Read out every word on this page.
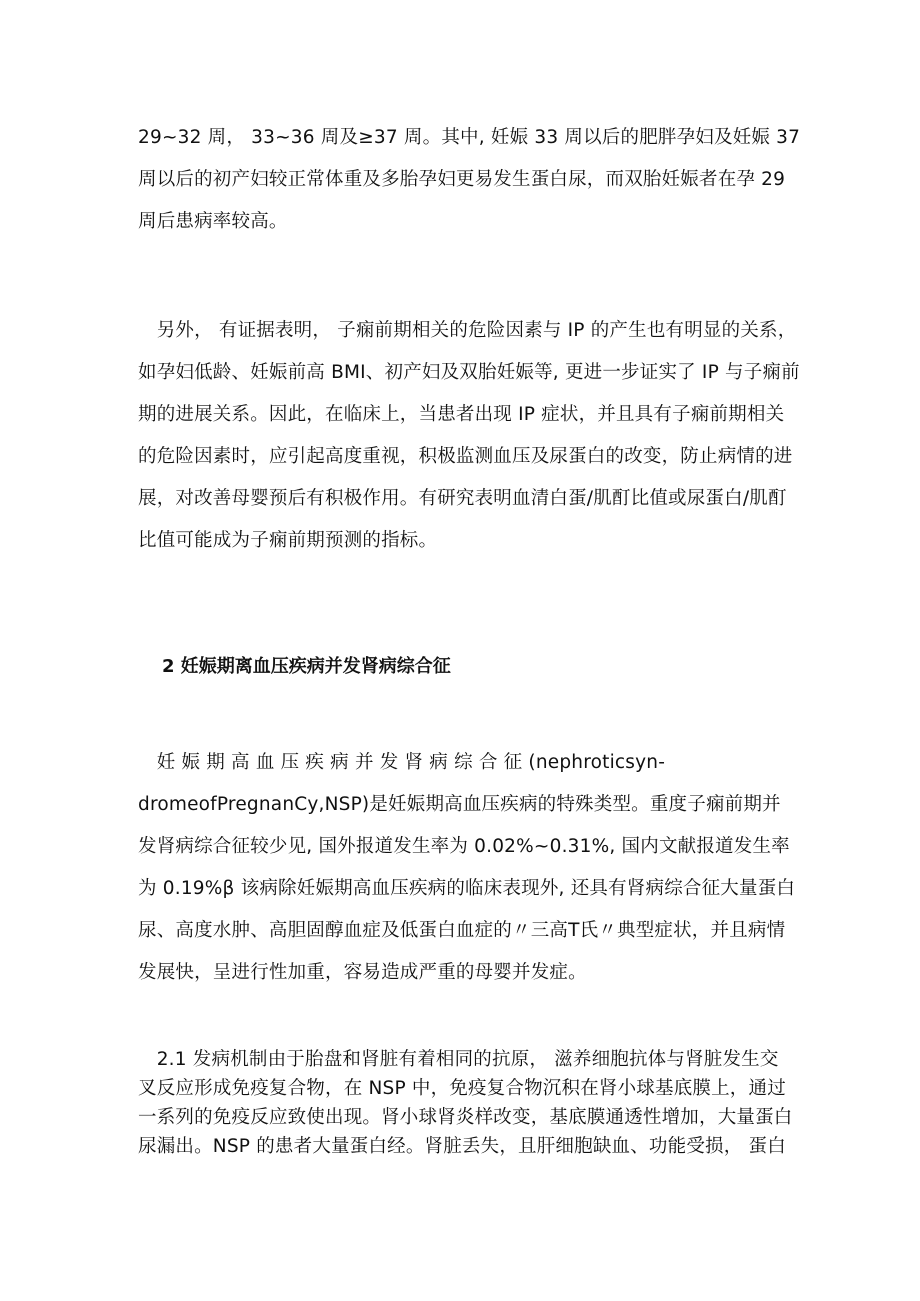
29~32 周， 33~36 周及≥37 周。其中, 妊娠 33 周以后的肥胖孕妇及妊娠 37
周以后的初产妇较正常体重及多胎孕妇更易发生蛋白尿，而双胎妊娠者在孕 29
周后患病率较高。
　另外， 有证据表明， 子痫前期相关的危险因素与 IP 的产生也有明显的关系，
如孕妇低龄、妊娠前高 BMI、初产妇及双胎妊娠等, 更进一步证实了 IP 与子痫前
期的进展关系。因此，在临床上，当患者出现 IP 症状，并且具有子痫前期相关
的危险因素时，应引起高度重视，积极监测血压及尿蛋白的改变，防止病情的进
展，对改善母婴预后有积极作用。有研究表明血清白蛋/肌酊比值或尿蛋白/肌酊
比值可能成为子痫前期预测的指标。
2 妊娠期离血压疾病并发肾病综合征
　妊 娠 期 高 血 压 疾 病 并 发 肾 病 综 合 征 (nephroticsyn-
dromeofPregnanCy,NSP)是妊娠期高血压疾病的特殊类型。重度子痫前期并
发肾病综合征较少见, 国外报道发生率为 0.02%~0.31%, 国内文献报道发生率
为 0.19%β 该病除妊娠期高血压疾病的临床表现外, 还具有肾病综合征大量蛋白
尿、高度水肿、高胆固醇血症及低蛋白血症的〃三高T氏〃典型症状，并且病情
发展快，呈进行性加重，容易造成严重的母婴并发症。
　2.1 发病机制由于胎盘和肾脏有着相同的抗原， 滋养细胞抗体与肾脏发生交
叉反应形成免疫复合物，在 NSP 中，免疫复合物沉积在肾小球基底膜上，通过
一系列的免疫反应致使出现。肾小球肾炎样改变，基底膜通透性增加，大量蛋白
尿漏出。NSP 的患者大量蛋白经。肾脏丢失，且肝细胞缺血、功能受损， 蛋白
